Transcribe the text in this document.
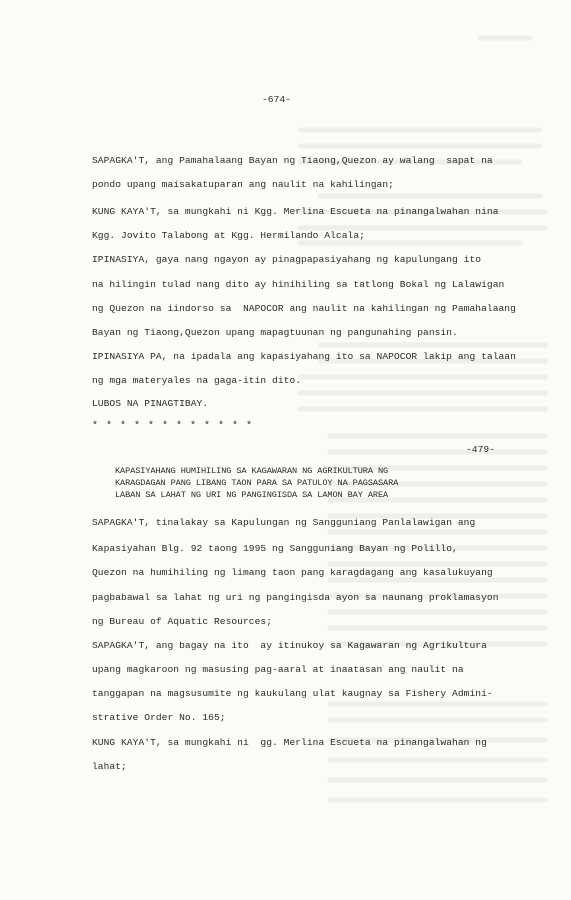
-674-
SAPAGKA'T, ang Pamahalaang Bayan ng Tiaong,Quezon ay walang  sapat na
pondo upang maisakatuparan ang naulit na kahilingan;
KUNG KAYA'T, sa mungkahi ni Kgg. Merlina Escueta na pinangalwahan nina
Kgg. Jovito Talabong at Kgg. Hermilando Alcala;
IPINASIYA, gaya nang ngayon ay pinagpapasiyahang ng kapulungang ito
na hilingin tulad nang dito ay hinihiling sa tatlong Bokal ng Lalawigan
ng Quezon na iindorso sa  NAPOCOR ang naulit na kahilingan ng Pamahalaang
Bayan ng Tiaong,Quezon upang mapagtuunan ng pangunahing pansin.
IPINASIYA PA, na ipadala ang kapasiyahang ito sa NAPOCOR lakip ang talaan
ng mga materyales na gaga-itin dito.
LUBOS NA PINAGTIBAY.
* * * * * * * * * * * *
-479-
KAPASIYAHANG HUMIHILING SA KAGAWARAN NG AGRIKULTURA NG
KARAGDAGAN PANG LIBANG TAON PARA SA PATULOY NA PAGSASARA
LABAN SA LAHAT NG URI NG PANGINGISDA SA LAMON BAY AREA
SAPAGKA'T, tinalakay sa Kapulungan ng Sangguniang Panlalawigan ang
Kapasiyahan Blg. 92 taong 1995 ng Sangguniang Bayan ng Polillo,
Quezon na humihiling ng limang taon pang karagdagang ang kasalukuyang
pagbabawal sa lahat ng uri ng pangingisda ayon sa naunang proklamasyon
ng Bureau of Aquatic Resources;
SAPAGKA'T, ang bagay na ito  ay itinukoy sa Kagawaran ng Agrikultura
upang magkaroon ng masusing pag-aaral at inaatasan ang naulit na
tanggapan na magsusumite ng kaukulang ulat kaugnay sa Fishery Admini-
strative Order No. 165;
KUNG KAYA'T, sa mungkahi ni  gg. Merlina Escueta na pinangalwahan ng
lahat;
